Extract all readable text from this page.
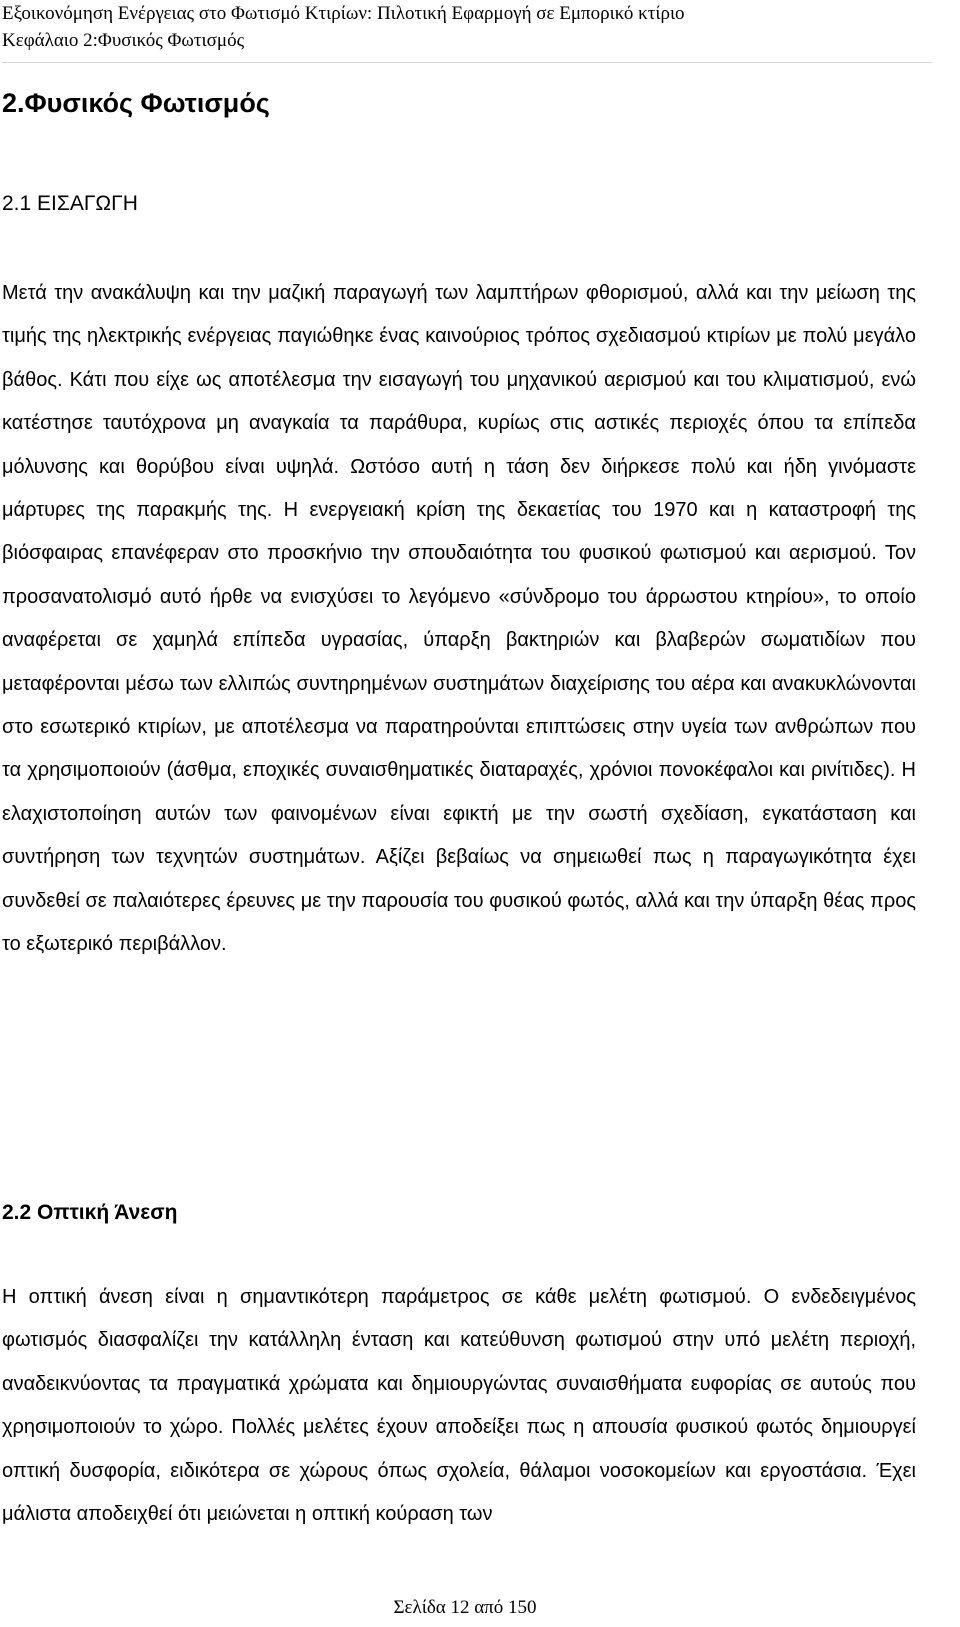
Εξοικονόμηση Ενέργειας στο Φωτισμό Κτιρίων: Πιλοτική Εφαρμογή σε Εμπορικό κτίριο
Κεφάλαιο 2:Φυσικός Φωτισμός
2.Φυσικός Φωτισμός
2.1 ΕΙΣΑΓΩΓΗ

Μετά την ανακάλυψη και την μαζική παραγωγή των λαμπτήρων φθορισμού, αλλά και την μείωση της τιμής της ηλεκτρικής ενέργειας παγιώθηκε ένας καινούριος τρόπος σχεδιασμού κτιρίων με πολύ μεγάλο βάθος. Κάτι που είχε ως αποτέλεσμα την εισαγωγή του μηχανικού αερισμού και του κλιματισμού, ενώ κατέστησε ταυτόχρονα μη αναγκαία τα παράθυρα, κυρίως στις αστικές περιοχές όπου τα επίπεδα μόλυνσης και θορύβου είναι υψηλά. Ωστόσο αυτή η τάση δεν διήρκεσε πολύ και ήδη γινόμαστε μάρτυρες της παρακμής της. Η ενεργειακή κρίση της δεκαετίας του 1970 και η καταστροφή της βιόσφαιρας επανέφεραν στο προσκήνιο την σπουδαιότητα του φυσικού φωτισμού και αερισμού. Τον προσανατολισμό αυτό ήρθε να ενισχύσει το λεγόμενο «σύνδρομο του άρρωστου κτηρίου», το οποίο αναφέρεται σε χαμηλά επίπεδα υγρασίας, ύπαρξη βακτηριών και βλαβερών σωματιδίων που μεταφέρονται μέσω των ελλιπώς συντηρημένων συστημάτων διαχείρισης του αέρα και ανακυκλώνονται στο εσωτερικό κτιρίων, με αποτέλεσμα να παρατηρούνται επιπτώσεις στην υγεία των ανθρώπων που τα χρησιμοποιούν (άσθμα, εποχικές συναισθηματικές διαταραχές, χρόνιοι πονοκέφαλοι και ρινίτιδες). Η ελαχιστοποίηση αυτών των φαινομένων είναι εφικτή με την σωστή σχεδίαση, εγκατάσταση και συντήρηση των τεχνητών συστημάτων. Αξίζει βεβαίως να σημειωθεί πως η παραγωγικότητα έχει συνδεθεί σε παλαιότερες έρευνες με την παρουσία του φυσικού φωτός, αλλά και την ύπαρξη θέας προς το εξωτερικό περιβάλλον.

2.2 Οπτική Άνεση

Η οπτική άνεση είναι η σημαντικότερη παράμετρος σε κάθε μελέτη φωτισμού. Ο ενδεδειγμένος φωτισμός διασφαλίζει την κατάλληλη ένταση και κατεύθυνση φωτισμού στην υπό μελέτη περιοχή, αναδεικνύοντας τα πραγματικά χρώματα και δημιουργώντας συναισθήματα ευφορίας σε αυτούς που χρησιμοποιούν το χώρο. Πολλές μελέτες έχουν αποδείξει πως η απουσία φυσικού φωτός δημιουργεί οπτική δυσφορία, ειδικότερα σε χώρους όπως σχολεία, θάλαμοι νοσοκομείων και εργοστάσια. Έχει μάλιστα αποδειχθεί ότι μειώνεται η οπτική κούραση των

Σελίδα 12 από 150
